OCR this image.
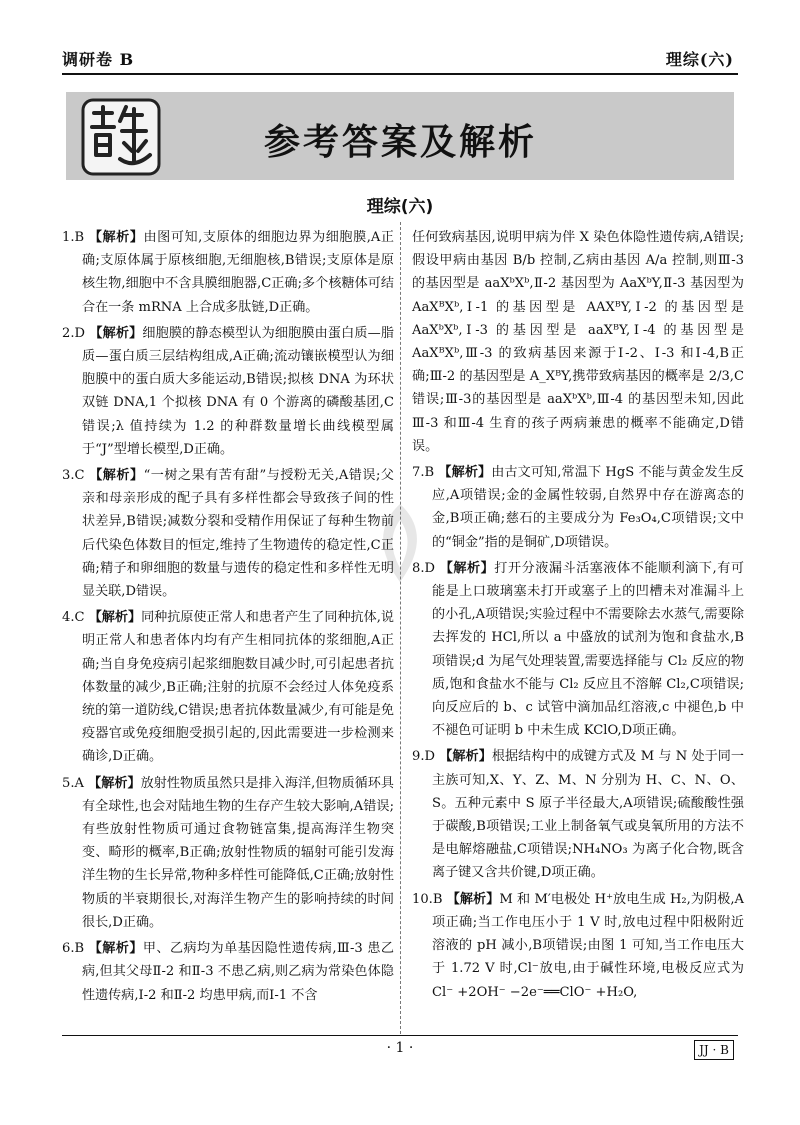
调研卷 B	理综(六)
参考答案及解析
理综(六)

1.B 【解析】由图可知,支原体的细胞边界为细胞膜,A正确;支原体属于原核细胞,无细胞核,B错误;支原体是原核生物,细胞中不含具膜细胞器,C正确;多个核糖体可结合在一条 mRNA 上合成多肽链,D正确。

2.D 【解析】细胞膜的静态模型认为细胞膜由蛋白质—脂质—蛋白质三层结构组成,A正确;流动镶嵌模型认为细胞膜中的蛋白质大多能运动,B错误;拟核 DNA 为环状双链 DNA,1 个拟核 DNA 有 0 个游离的磷酸基团,C错误;λ 值持续为 1.2 的种群数量增长曲线模型属于“J”型增长模型,D正确。

3.C 【解析】“一树之果有苦有甜”与授粉无关,A错误;父亲和母亲形成的配子具有多样性都会导致孩子间的性状差异,B错误;减数分裂和受精作用保证了每种生物前后代染色体数目的恒定,维持了生物遗传的稳定性,C正确;精子和卵细胞的数量与遗传的稳定性和多样性无明显关联,D错误。

4.C 【解析】同种抗原使正常人和患者产生了同种抗体,说明正常人和患者体内均有产生相同抗体的浆细胞,A正确;当自身免疫病引起浆细胞数目减少时,可引起患者抗体数量的减少,B正确;注射的抗原不会经过人体免疫系统的第一道防线,C错误;患者抗体数量减少,有可能是免疫器官或免疫细胞受损引起的,因此需要进一步检测来确诊,D正确。

5.A 【解析】放射性物质虽然只是排入海洋,但物质循环具有全球性,也会对陆地生物的生存产生较大影响,A错误;有些放射性物质可通过食物链富集,提高海洋生物突变、畸形的概率,B正确;放射性物质的辐射可能引发海洋生物的生长异常,物种多样性可能降低,C正确;放射性物质的半衰期很长,对海洋生物产生的影响持续的时间很长,D正确。

6.B 【解析】甲、乙病均为单基因隐性遗传病,Ⅲ-3 患乙病,但其父母Ⅱ-2 和Ⅱ-3 不患乙病,则乙病为常染色体隐性遗传病,Ⅰ-2 和Ⅱ-2 均患甲病,而Ⅰ-1 不含

任何致病基因,说明甲病为伴 X 染色体隐性遗传病,A错误;假设甲病由基因 B/b 控制,乙病由基因 A/a 控制,则Ⅲ-3 的基因型是 aaXᵇXᵇ,Ⅱ-2 基因型为 AaXᵇY,Ⅱ-3 基因型为 AaXᴮXᵇ,Ⅰ-1 的基因型是 AAXᴮY,Ⅰ-2 的基因型是 AaXᵇXᵇ,Ⅰ-3 的基因型是 aaXᴮY,Ⅰ-4 的基因型是 AaXᴮXᵇ,Ⅲ-3 的致病基因来源于Ⅰ-2、Ⅰ-3 和Ⅰ-4,B正确;Ⅲ-2 的基因型是 A_XᴮY,携带致病基因的概率是 2/3,C错误;Ⅲ-3的基因型是 aaXᵇXᵇ,Ⅲ-4 的基因型未知,因此Ⅲ-3 和Ⅲ-4 生育的孩子两病兼患的概率不能确定,D错误。

7.B 【解析】由古文可知,常温下 HgS 不能与黄金发生反应,A项错误;金的金属性较弱,自然界中存在游离态的金,B项正确;慈石的主要成分为 Fe₃O₄,C项错误;文中的“铜金”指的是铜矿,D项错误。

8.D 【解析】打开分液漏斗活塞液体不能顺利滴下,有可能是上口玻璃塞未打开或塞子上的凹槽未对准漏斗上的小孔,A项错误;实验过程中不需要除去水蒸气,需要除去挥发的 HCl,所以 a 中盛放的试剂为饱和食盐水,B项错误;d 为尾气处理装置,需要选择能与 Cl₂ 反应的物质,饱和食盐水不能与 Cl₂ 反应且不溶解 Cl₂,C项错误;向反应后的 b、c 试管中滴加品红溶液,c 中褪色,b 中不褪色可证明 b 中未生成 KClO,D项正确。

9.D 【解析】根据结构中的成键方式及 M 与 N 处于同一主族可知,X、Y、Z、M、N 分别为 H、C、N、O、S。五种元素中 S 原子半径最大,A项错误;硫酸酸性强于碳酸,B项错误;工业上制备氧气或臭氧所用的方法不是电解熔融盐,C项错误;NH₄NO₃ 为离子化合物,既含离子键又含共价键,D项正确。

10.B 【解析】M 和 M′电极处 H⁺放电生成 H₂,为阴极,A项正确;当工作电压小于 1 V 时,放电过程中阳极附近溶液的 pH 减小,B项错误;由图 1 可知,当工作电压大于 1.72 V 时,Cl⁻放电,由于碱性环境,电极反应式为 Cl⁻ +2OH⁻ −2e⁻══ClO⁻ +H₂O,

· 1 ·	JJ · B
